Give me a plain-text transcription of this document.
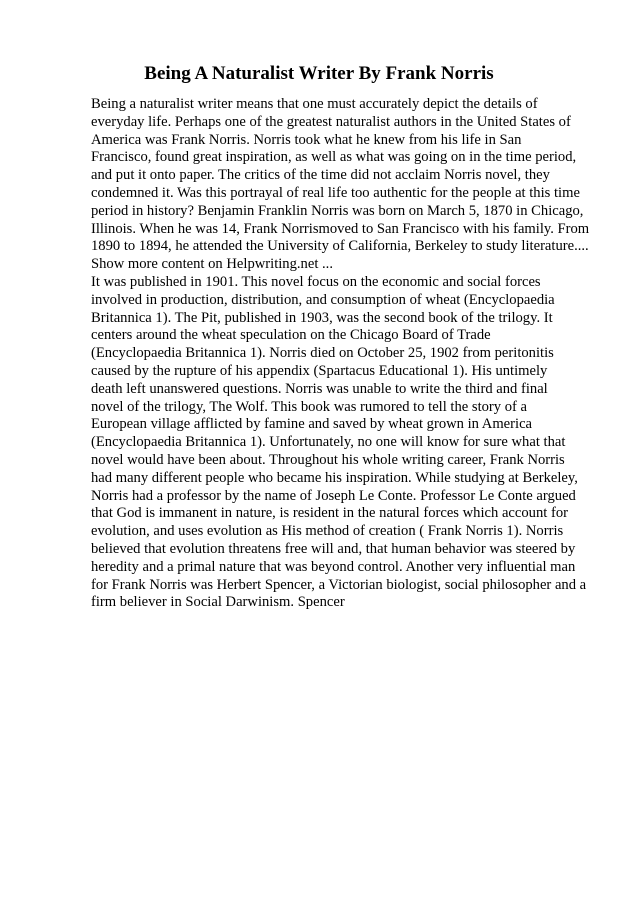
Being A Naturalist Writer By Frank Norris
Being a naturalist writer means that one must accurately depict the details of
everyday life. Perhaps one of the greatest naturalist authors in the United States of
America was Frank Norris. Norris took what he knew from his life in San
Francisco, found great inspiration, as well as what was going on in the time period,
and put it onto paper. The critics of the time did not acclaim Norris novel, they
condemned it. Was this portrayal of real life too authentic for the people at this time
period in history? Benjamin Franklin Norris was born on March 5, 1870 in Chicago,
Illinois. When he was 14, Frank Norrismoved to San Francisco with his family. From
1890 to 1894, he attended the University of California, Berkeley to study literature....
Show more content on Helpwriting.net ...
It was published in 1901. This novel focus on the economic and social forces
involved in production, distribution, and consumption of wheat (Encyclopaedia
Britannica 1). The Pit, published in 1903, was the second book of the trilogy. It
centers around the wheat speculation on the Chicago Board of Trade
(Encyclopaedia Britannica 1). Norris died on October 25, 1902 from peritonitis
caused by the rupture of his appendix (Spartacus Educational 1). His untimely
death left unanswered questions. Norris was unable to write the third and final
novel of the trilogy, The Wolf. This book was rumored to tell the story of a
European village afflicted by famine and saved by wheat grown in America
(Encyclopaedia Britannica 1). Unfortunately, no one will know for sure what that
novel would have been about. Throughout his whole writing career, Frank Norris
had many different people who became his inspiration. While studying at Berkeley,
Norris had a professor by the name of Joseph Le Conte. Professor Le Conte argued
that God is immanent in nature, is resident in the natural forces which account for
evolution, and uses evolution as His method of creation ( Frank Norris 1). Norris
believed that evolution threatens free will and, that human behavior was steered by
heredity and a primal nature that was beyond control. Another very influential man
for Frank Norris was Herbert Spencer, a Victorian biologist, social philosopher and a
firm believer in Social Darwinism. Spencer
